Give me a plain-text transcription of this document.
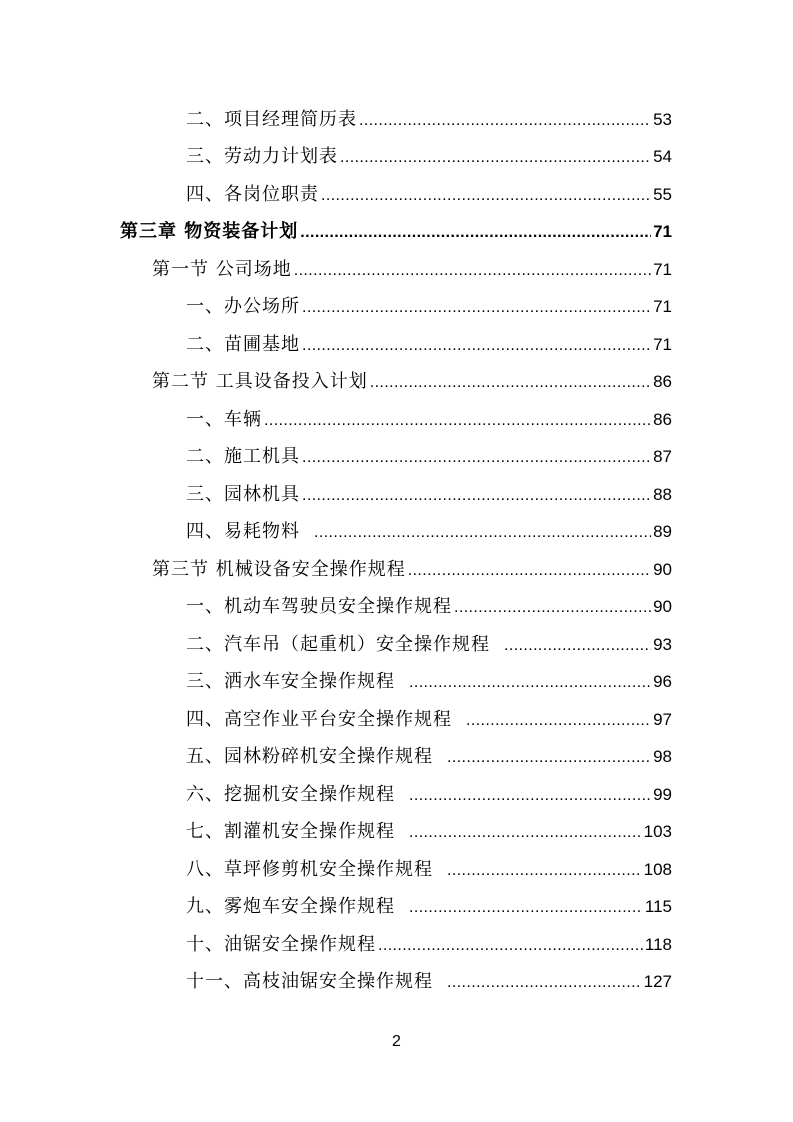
二、项目经理简历表 .....	53
三、劳动力计划表 .....	54
四、各岗位职责 .....	55
第三章 物资装备计划 .....	71
第一节 公司场地 .....	71
一、办公场所 .....	71
二、苗圃基地 .....	71
第二节 工具设备投入计划 .....	86
一、车辆 .....	86
二、施工机具 .....	87
三、园林机具 .....	88
四、易耗物料 .....	89
第三节 机械设备安全操作规程 .....	90
一、机动车驾驶员安全操作规程 .....	90
二、汽车吊（起重机）安全操作规程 .....	93
三、洒水车安全操作规程 .....	96
四、高空作业平台安全操作规程 .....	97
五、园林粉碎机安全操作规程 .....	98
六、挖掘机安全操作规程 .....	99
七、割灌机安全操作规程 .....	103
八、草坪修剪机安全操作规程 .....	108
九、雾炮车安全操作规程 .....	115
十、油锯安全操作规程 .....	118
十一、高枝油锯安全操作规程 .....	127
2
